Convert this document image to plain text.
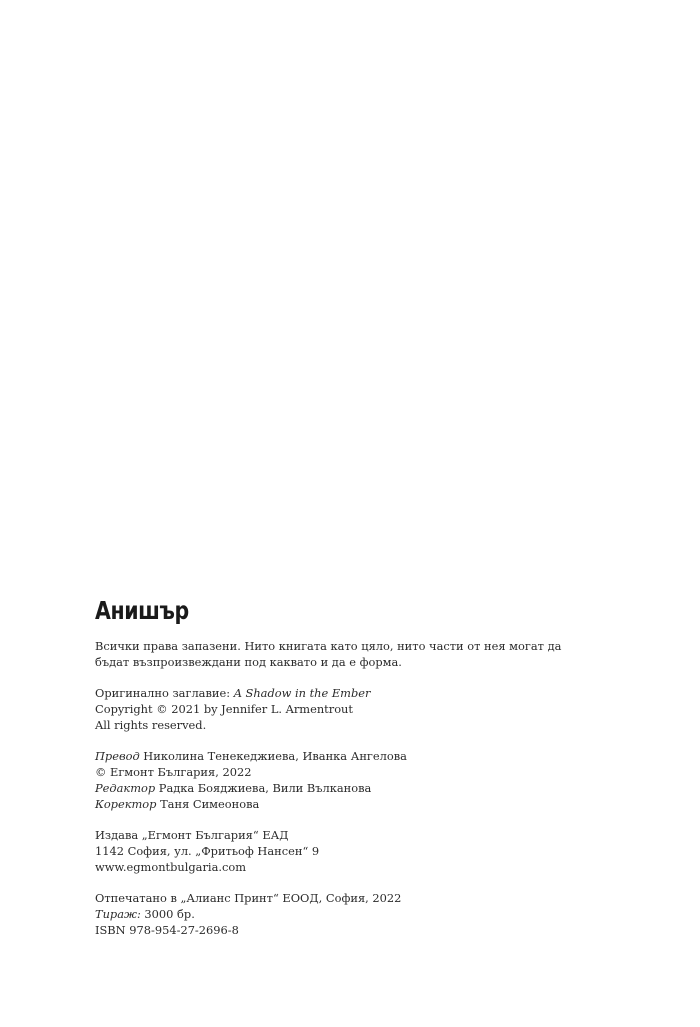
Анишър
Всички права запазени. Нито книгата като цяло, нито части от нея могат да бъдат възпроизвеждани под каквато и да е форма.
Оригинално заглавие: A Shadow in the Ember
Copyright © 2021 by Jennifer L. Armentrout
All rights reserved.
Превод Николина Тенекеджиева, Иванка Ангелова
© Егмонт България, 2022
Редактор Радка Бояджиева, Вили Вълканова
Коректор Таня Симеонова
Издава „Егмонт България“ ЕАД
1142 София, ул. „Фритьоф Нансен“ 9
www.egmontbulgaria.com
Отпечатано в „Алианс Принт“ ЕООД, София, 2022
Тираж: 3000 бр.
ISBN 978-954-27-2696-8
